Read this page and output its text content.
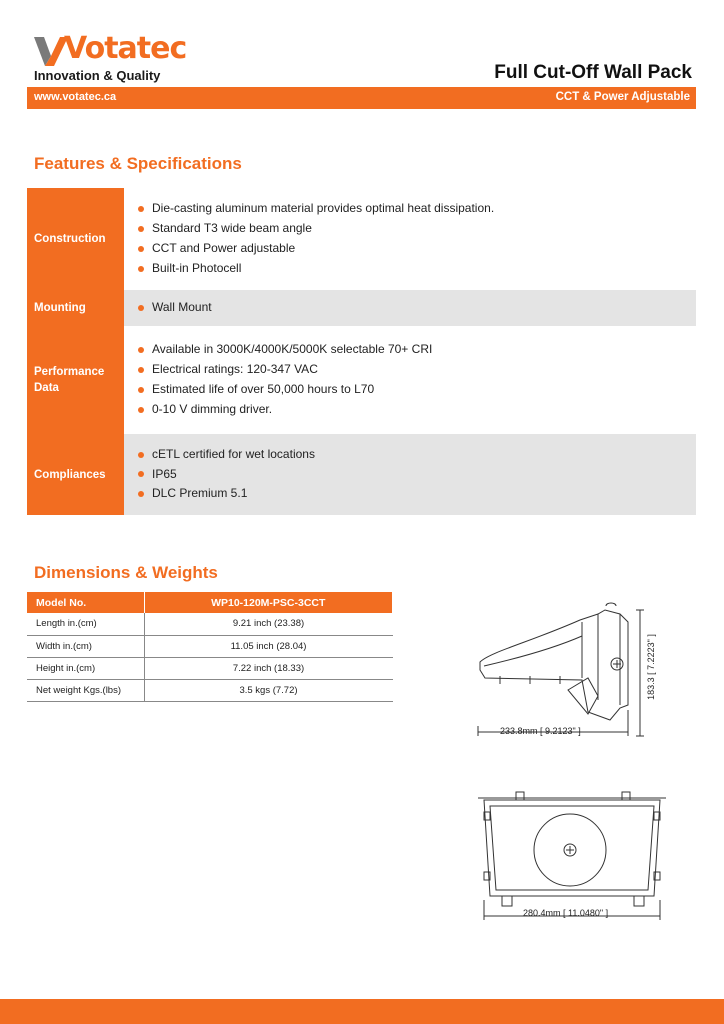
Votatec
Innovation & Quality	Full Cut-Off Wall Pack
www.votatec.ca	CCT & Power Adjustable
Features & Specifications
Construction
Die-casting aluminum material provides optimal heat dissipation.
Standard T3 wide beam angle
CCT and Power adjustable
Built-in Photocell
Mounting	Wall Mount
Performance Data
Available in 3000K/4000K/5000K selectable 70+ CRI
Electrical ratings: 120-347 VAC
Estimated life of over 50,000 hours to L70
0-10 V dimming driver.
Compliances
cETL certified for wet locations
IP65
DLC Premium 5.1
Dimensions & Weights
Model No.	WP10-120M-PSC-3CCT
Length in.(cm)	9.21 inch (23.38)
Width in.(cm)	11.05 inch (28.04)
Height in.(cm)	7.22 inch (18.33)
Net weight Kgs.(lbs)	3.5 kgs (7.72)
233.8mm [ 9.2123" ]
183.3 [ 7.2223" ]
280.4mm [ 11.0480" ]
